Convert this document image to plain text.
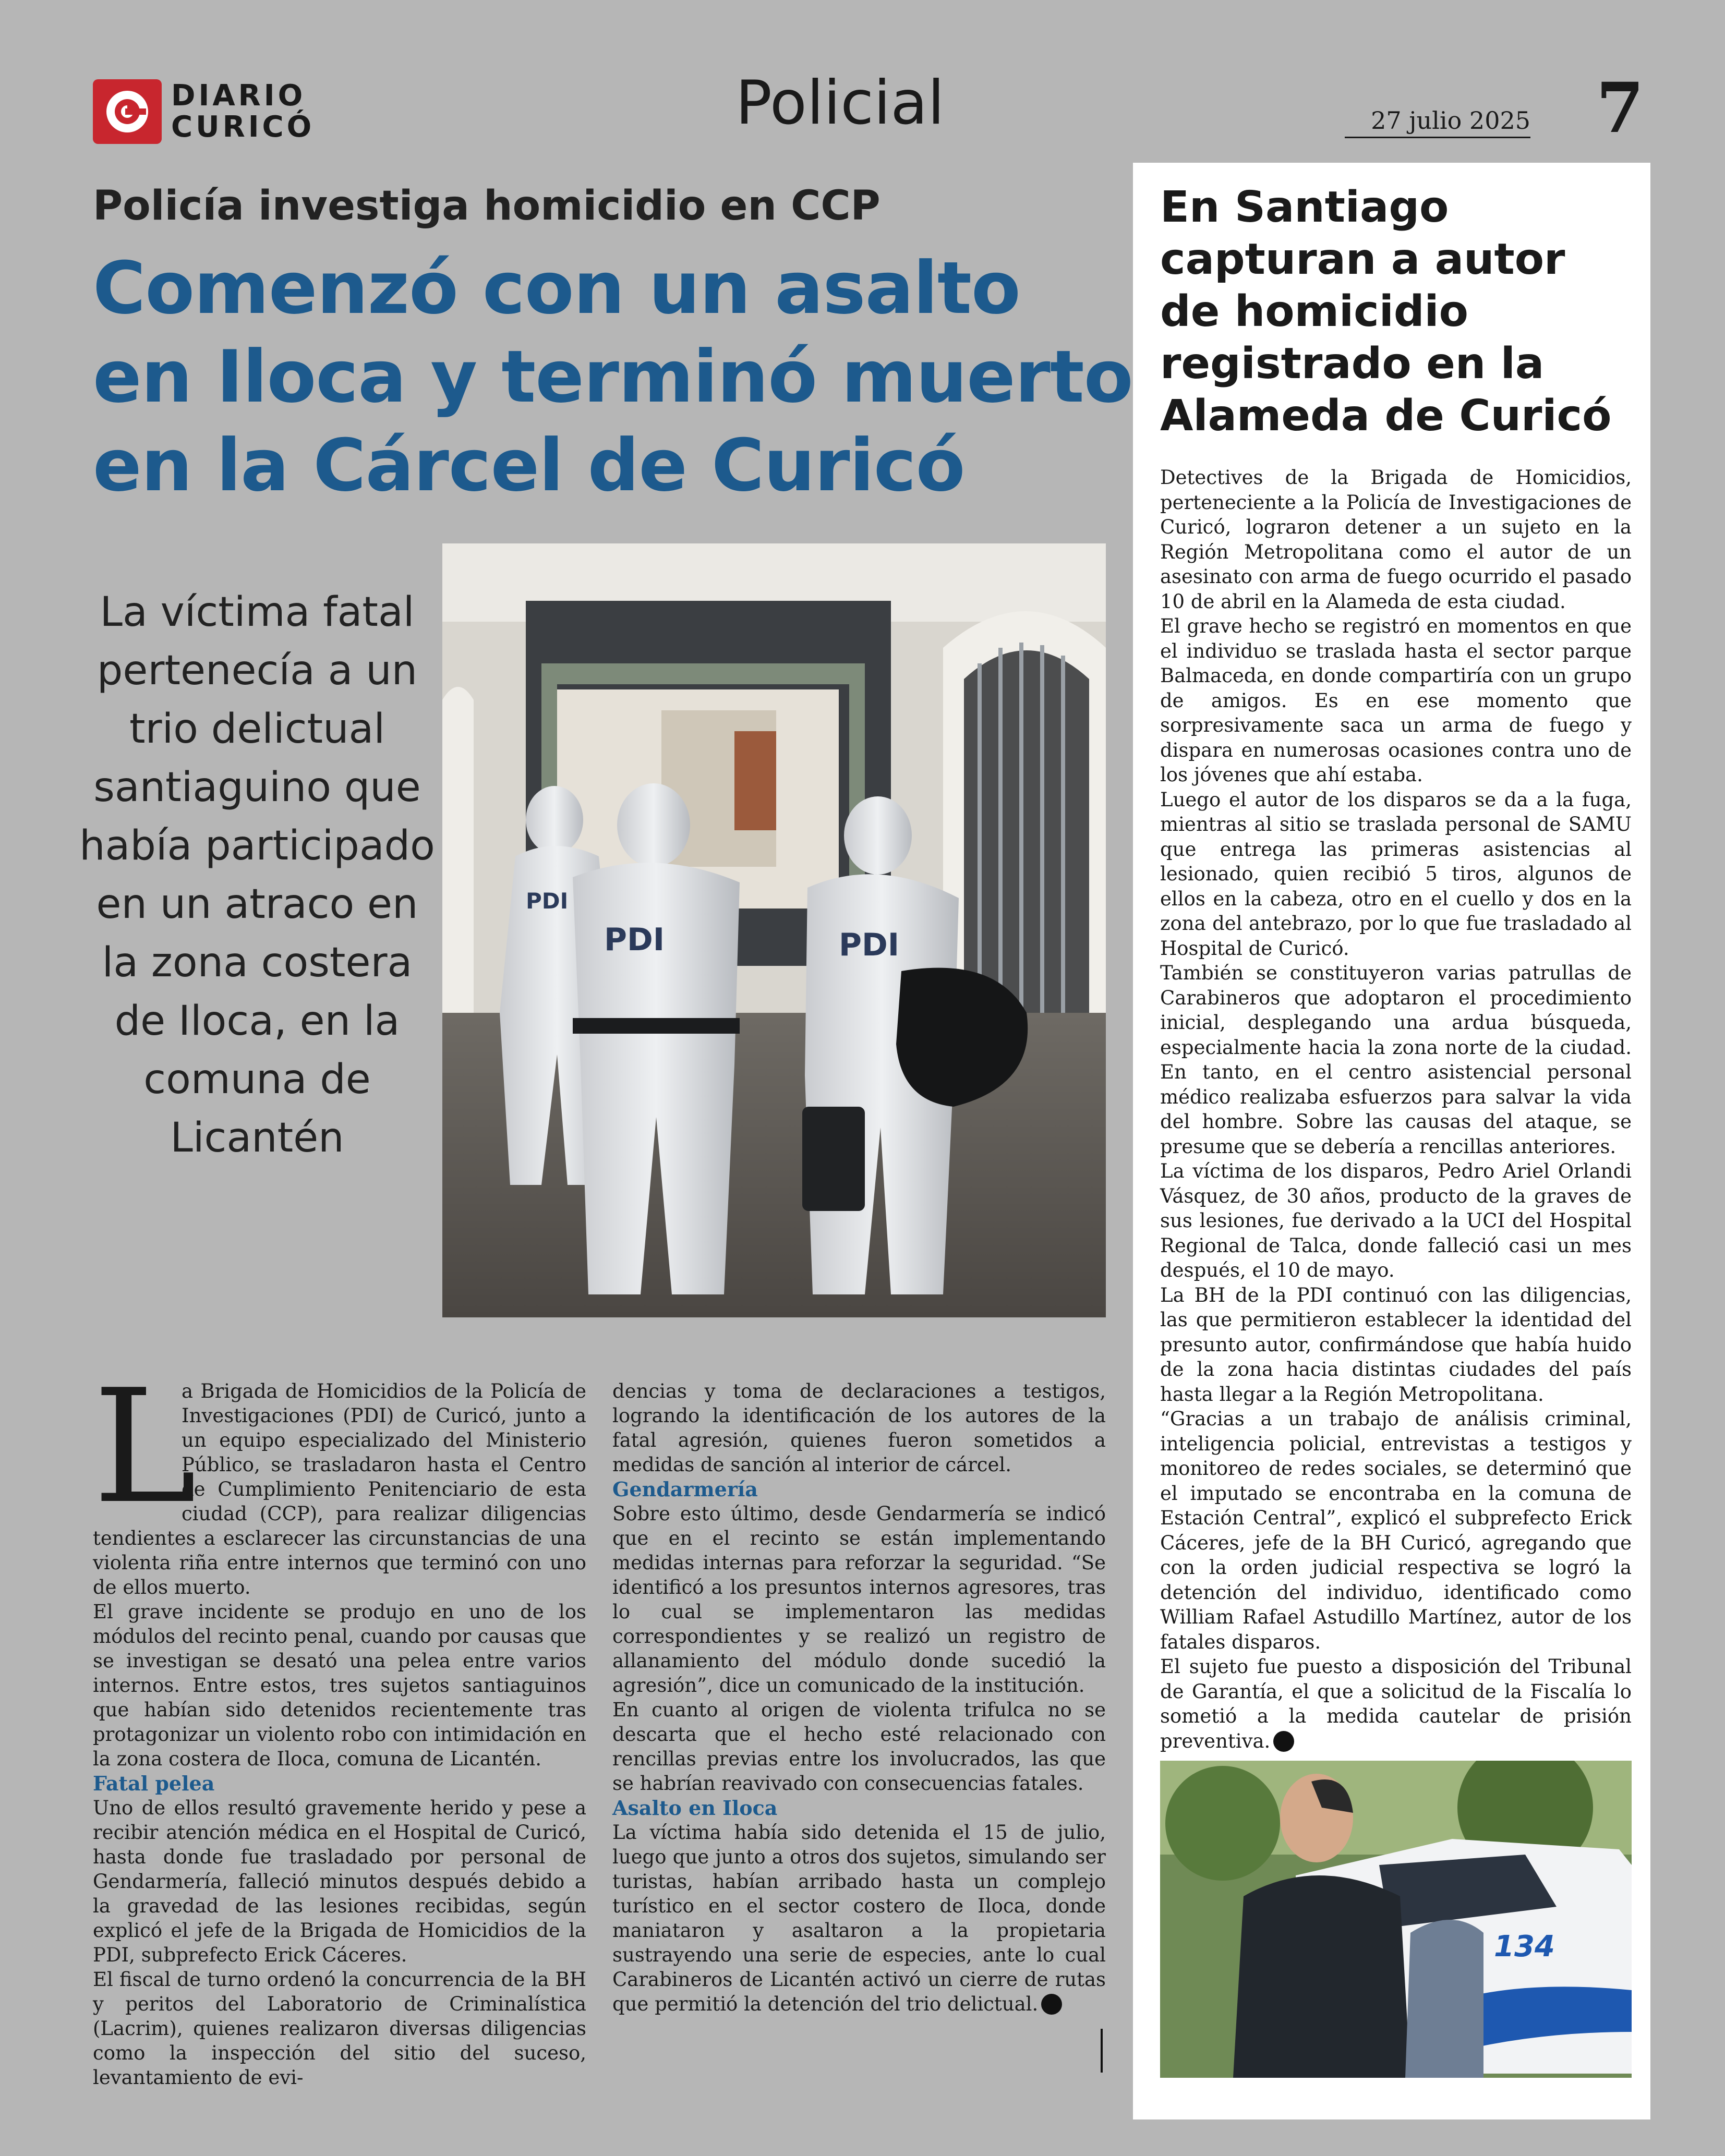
DIARIO
CURICÓ	Policial	27 julio 2025 7
Policía investiga homicidio en CCP
Comenzó con un asalto en Iloca y terminó muerto en la Cárcel de Curicó
La víctima fatal pertenecía a un trio delictual santiaguino que había participado en un atraco en la zona costera de Iloca, en la comuna de Licantén
PDI
PDI	PDI
L

a Brigada de Homicidios de la Policía de Investigaciones (PDI) de Curicó, junto a un equipo especializado del Ministerio Público, se trasladaron hasta el Centro de Cumplimiento Penitenciario de esta ciudad (CCP), para realizar diligencias tendientes a esclarecer las circunstancias de una violenta riña entre internos que terminó con uno de ellos muerto.

El grave incidente se produjo en uno de los módulos del recinto penal, cuando por causas que se investigan se desató una pelea entre varios internos. Entre estos, tres sujetos santiaguinos que habían sido detenidos recientemente tras protagonizar un violento robo con intimidación en la zona costera de Iloca, comuna de Licantén.

Fatal pelea

Uno de ellos resultó gravemente herido y pese a recibir atención médica en el Hospital de Curicó, hasta donde fue trasladado por personal de Gendarmería, falleció minutos después debido a la gravedad de las lesiones recibidas, según explicó el jefe de la Brigada de Homicidios de la PDI, subprefecto Erick Cáceres.

El fiscal de turno ordenó la concurrencia de la BH y peritos del Laboratorio de Criminalística (Lacrim), quienes realizaron diversas diligencias como la inspección del sitio del suceso, levantamiento de evi-

dencias y toma de declaraciones a testigos, logrando la identificación de los autores de la fatal agresión, quienes fueron sometidos a medidas de sanción al interior de cárcel.

Gendarmería

Sobre esto último, desde Gendarmería se indicó que en el recinto se están implementando medidas internas para reforzar la seguridad. “Se identificó a los presuntos internos agresores, tras lo cual se implementaron las medidas correspondientes y se realizó un registro de allanamiento del módulo donde sucedió la agresión”, dice un comunicado de la institución.

En cuanto al origen de violenta trifulca no se descarta que el hecho esté relacionado con rencillas previas entre los involucrados, las que se habrían reavivado con consecuencias fatales.

Asalto en Iloca

La víctima había sido detenida el 15 de julio, luego que junto a otros dos sujetos, simulando ser turistas, habían arribado hasta un complejo turístico en el sector costero de Iloca, donde maniataron y asaltaron a la propietaria sustrayendo una serie de especies, ante lo cual Carabineros de Licantén activó un cierre de rutas que permitió la detención del trio delictual.

En Santiago capturan a autor de homicidio registrado en la Alameda de Curicó

Detectives de la Brigada de Homicidios, perteneciente a la Policía de Investigaciones de Curicó, lograron detener a un sujeto en la Región Metropolitana como el autor de un asesinato con arma de fuego ocurrido el pasado 10 de abril en la Alameda de esta ciudad.

El grave hecho se registró en momentos en que el individuo se traslada hasta el sector parque Balmaceda, en donde compartiría con un grupo de amigos. Es en ese momento que sorpresivamente saca un arma de fuego y dispara en numerosas ocasiones contra uno de los jóvenes que ahí estaba.

Luego el autor de los disparos se da a la fuga, mientras al sitio se traslada personal de SAMU que entrega las primeras asistencias al lesionado, quien recibió 5 tiros, algunos de ellos en la cabeza, otro en el cuello y dos en la zona del antebrazo, por lo que fue trasladado al Hospital de Curicó.

También se constituyeron varias patrullas de Carabineros que adoptaron el procedimiento inicial, desplegando una ardua búsqueda, especialmente hacia la zona norte de la ciudad. En tanto, en el centro asistencial personal médico realizaba esfuerzos para salvar la vida del hombre. Sobre las causas del ataque, se presume que se debería a rencillas anteriores.

La víctima de los disparos, Pedro Ariel Orlandi Vásquez, de 30 años, producto de la graves de sus lesiones, fue derivado a la UCI del Hospital Regional de Talca, donde falleció casi un mes después, el 10 de mayo.

La BH de la PDI continuó con las diligencias, las que permitieron establecer la identidad del presunto autor, confirmándose que había huido de la zona hacia distintas ciudades del país hasta llegar a la Región Metropolitana.

“Gracias a un trabajo de análisis criminal, inteligencia policial, entrevistas a testigos y monitoreo de redes sociales, se determinó que el imputado se encontraba en la comuna de Estación Central”, explicó el subprefecto Erick Cáceres, jefe de la BH Curicó, agregando que con la orden judicial respectiva se logró la detención del individuo, identificado como William Rafael Astudillo Martínez, autor de los fatales disparos.

El sujeto fue puesto a disposición del Tribunal de Garantía, el que a solicitud de la Fiscalía lo sometió a la medida cautelar de prisión preventiva.

134
